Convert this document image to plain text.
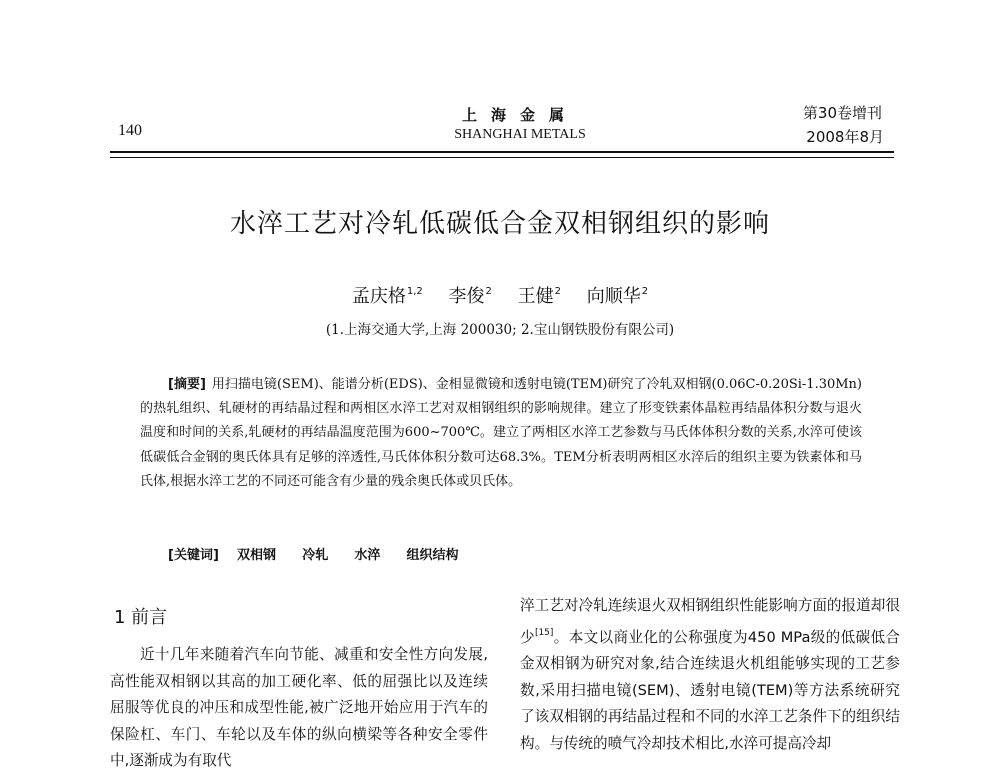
140
上海金属
SHANGHAI METALS
第30卷增刊
2008年8月
水淬工艺对冷轧低碳低合金双相钢组织的影响
孟庆格$^{1,2}$ 李俊$^2$ 王健$^2$ 向顺华$^2$
(1.上海交通大学,上海 200030; 2.宝山钢铁股份有限公司)
[摘要] 用扫描电镜(SEM)、能谱分析(EDS)、金相显微镜和透射电镜(TEM)研究了冷轧双相钢(0.06C-0.20Si-1.30Mn)的热轧组织、轧硬材的再结晶过程和两相区水淬工艺对双相钢组织的影响规律。建立了形变铁素体晶粒再结晶体积分数与退火温度和时间的关系,轧硬材的再结晶温度范围为600~700℃。建立了两相区水淬工艺参数与马氏体体积分数的关系,水淬可使该低碳低合金钢的奥氏体具有足够的淬透性,马氏体体积分数可达68.3%。TEM分析表明两相区水淬后的组织主要为铁素体和马氏体,根据水淬工艺的不同还可能含有少量的残余奥氏体或贝氏体。
[关键词] 双相钢 冷轧 水淬 组织结构
1 前言
近十几年来随着汽车向节能、减重和安全性方向发展,高性能双相钢以其高的加工硬化率、低的屈强比以及连续屈服等优良的冲压和成型性能,被广泛地开始应用于汽车的保险杠、车门、车轮以及车体的纵向横梁等各种安全零件中,逐渐成为有取代
淬工艺对冷轧连续退火双相钢组织性能影响方面的报道却很少[15]。本文以商业化的公称强度为450 MPa级的低碳低合金双相钢为研究对象,结合连续退火机组能够实现的工艺参数,采用扫描电镜(SEM)、透射电镜(TEM)等方法系统研究了该双相钢的再结晶过程和不同的水淬工艺条件下的组织结构。与传统的喷气冷却技术相比,水淬可提高冷却
